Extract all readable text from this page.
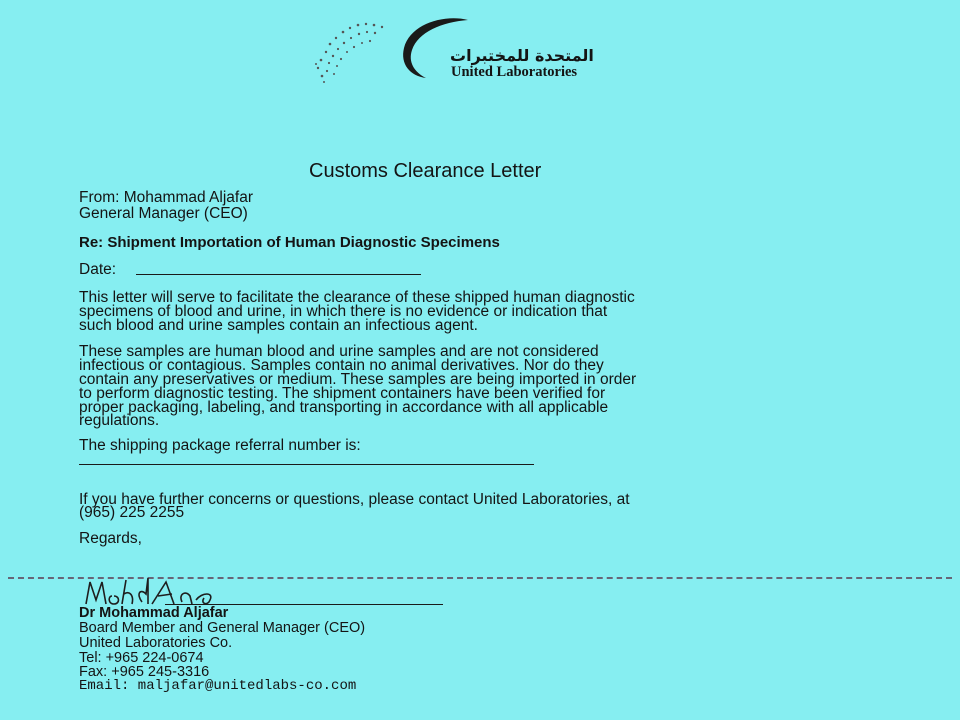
المتحدة للمختبرات
United Laboratories
Customs Clearance Letter
From: Mohammad Aljafar
General Manager (CEO)
Re: Shipment Importation of Human Diagnostic Specimens
Date:
This letter will serve to facilitate the clearance of these shipped human diagnostic
specimens of blood and urine, in which there is no evidence or indication that
such blood and urine samples contain an infectious agent.
These samples are human blood and urine samples and are not considered
infectious or contagious. Samples contain no animal derivatives. Nor do they
contain any preservatives or medium. These samples are being imported in order
to perform diagnostic testing. The shipment containers have been verified for
proper packaging, labeling, and transporting in accordance with all applicable
regulations.
The shipping package referral number is:
If you have further concerns or questions, please contact United Laboratories, at
(965) 225 2255
Regards,
MohdAAl
Dr Mohammad Aljafar
Board Member and General Manager (CEO)
United Laboratories Co.
Tel: +965 224-0674
Fax: +965 245-3316
Email: maljafar@unitedlabs-co.com
